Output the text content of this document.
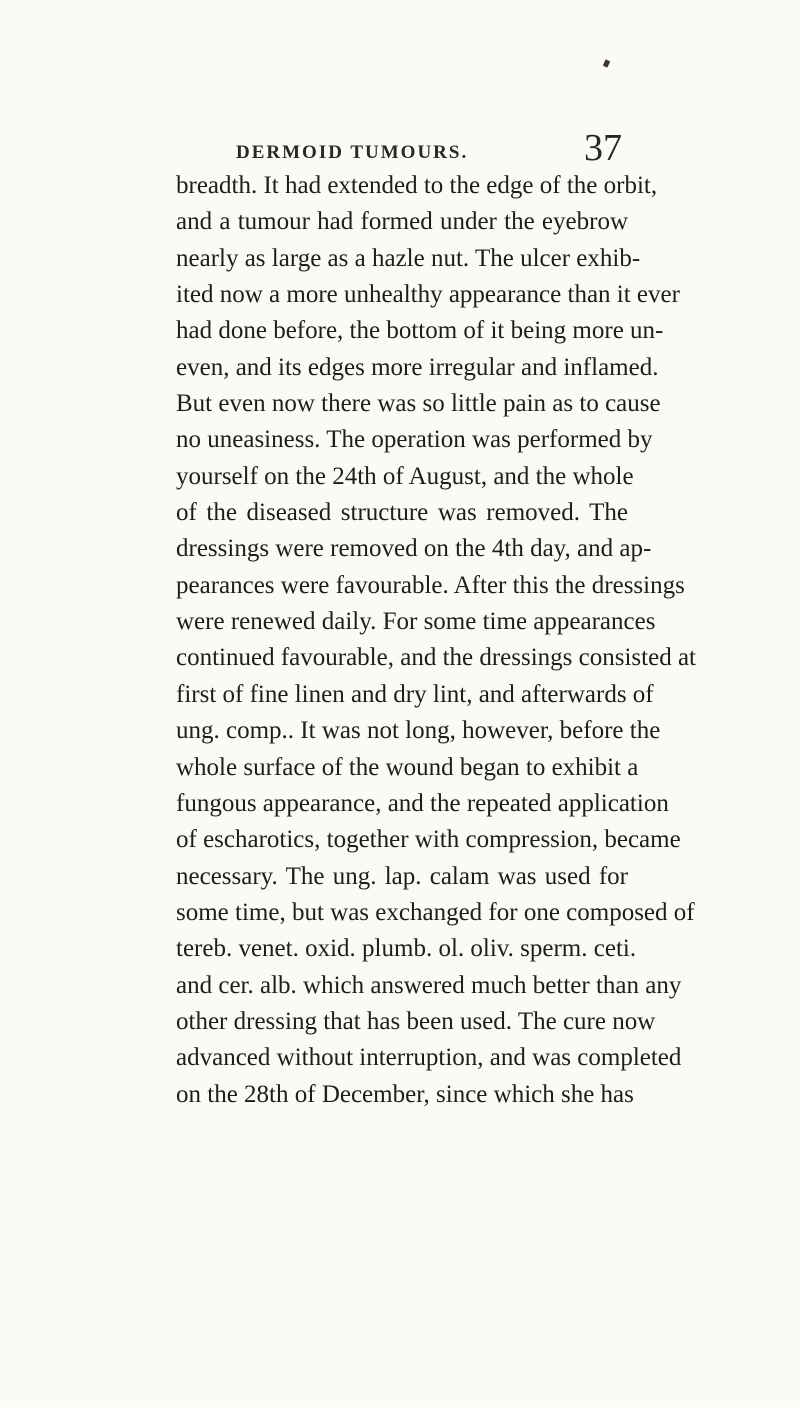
DERMOID TUMOURS.	37
breadth. It had extended to the edge of the orbit,
and a tumour had formed under the eyebrow
nearly as large as a hazle nut. The ulcer exhib-
ited now a more unhealthy appearance than it ever
had done before, the bottom of it being more un-
even, and its edges more irregular and inflamed.
But even now there was so little pain as to cause
no uneasiness. The operation was performed by
yourself on the 24th of August, and the whole
of the diseased structure was removed. The
dressings were removed on the 4th day, and ap-
pearances were favourable. After this the dressings
were renewed daily. For some time appearances
continued favourable, and the dressings consisted at
first of fine linen and dry lint, and afterwards of
ung. comp.. It was not long, however, before the
whole surface of the wound began to exhibit a
fungous appearance, and the repeated application
of escharotics, together with compression, became
necessary. The ung. lap. calam was used for
some time, but was exchanged for one composed of
tereb. venet. oxid. plumb. ol. oliv. sperm. ceti.
and cer. alb. which answered much better than any
other dressing that has been used. The cure now
advanced without interruption, and was completed
on the 28th of December, since which she has
